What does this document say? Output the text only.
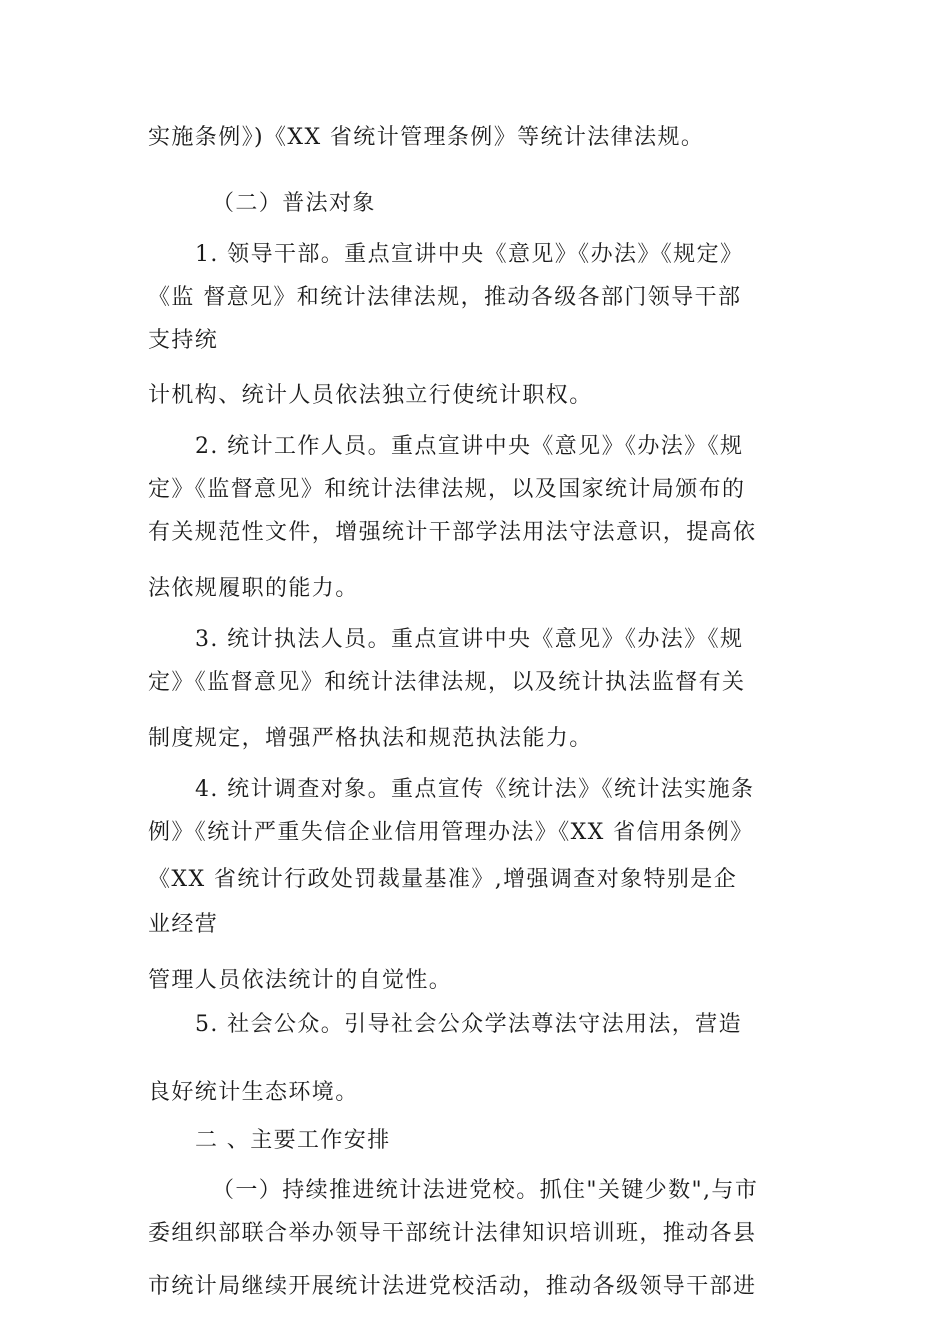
实施条例》)《XX 省统计管理条例》等统计法律法规。
（二）普法对象
1. 领导干部。重点宣讲中央《意见》《办法》《规定》
《监 督意见》和统计法律法规，推动各级各部门领导干部
支持统
计机构、统计人员依法独立行使统计职权。
2. 统计工作人员。重点宣讲中央《意见》《办法》《规
定》《监督意见》和统计法律法规，以及国家统计局颁布的
有关规范性文件，增强统计干部学法用法守法意识，提高依
法依规履职的能力。
3. 统计执法人员。重点宣讲中央《意见》《办法》《规
定》《监督意见》和统计法律法规，以及统计执法监督有关
制度规定，增强严格执法和规范执法能力。
4. 统计调查对象。重点宣传《统计法》《统计法实施条
例》《统计严重失信企业信用管理办法》《XX 省信用条例》
《XX 省统计行政处罚裁量基准》,增强调查对象特别是企
业经营
管理人员依法统计的自觉性。
5. 社会公众。引导社会公众学法尊法守法用法，营造
良好统计生态环境。
二 、主要工作安排
（一）持续推进统计法进党校。抓住"关键少数",与市
委组织部联合举办领导干部统计法律知识培训班，推动各县
市统计局继续开展统计法进党校活动，推动各级领导干部进
